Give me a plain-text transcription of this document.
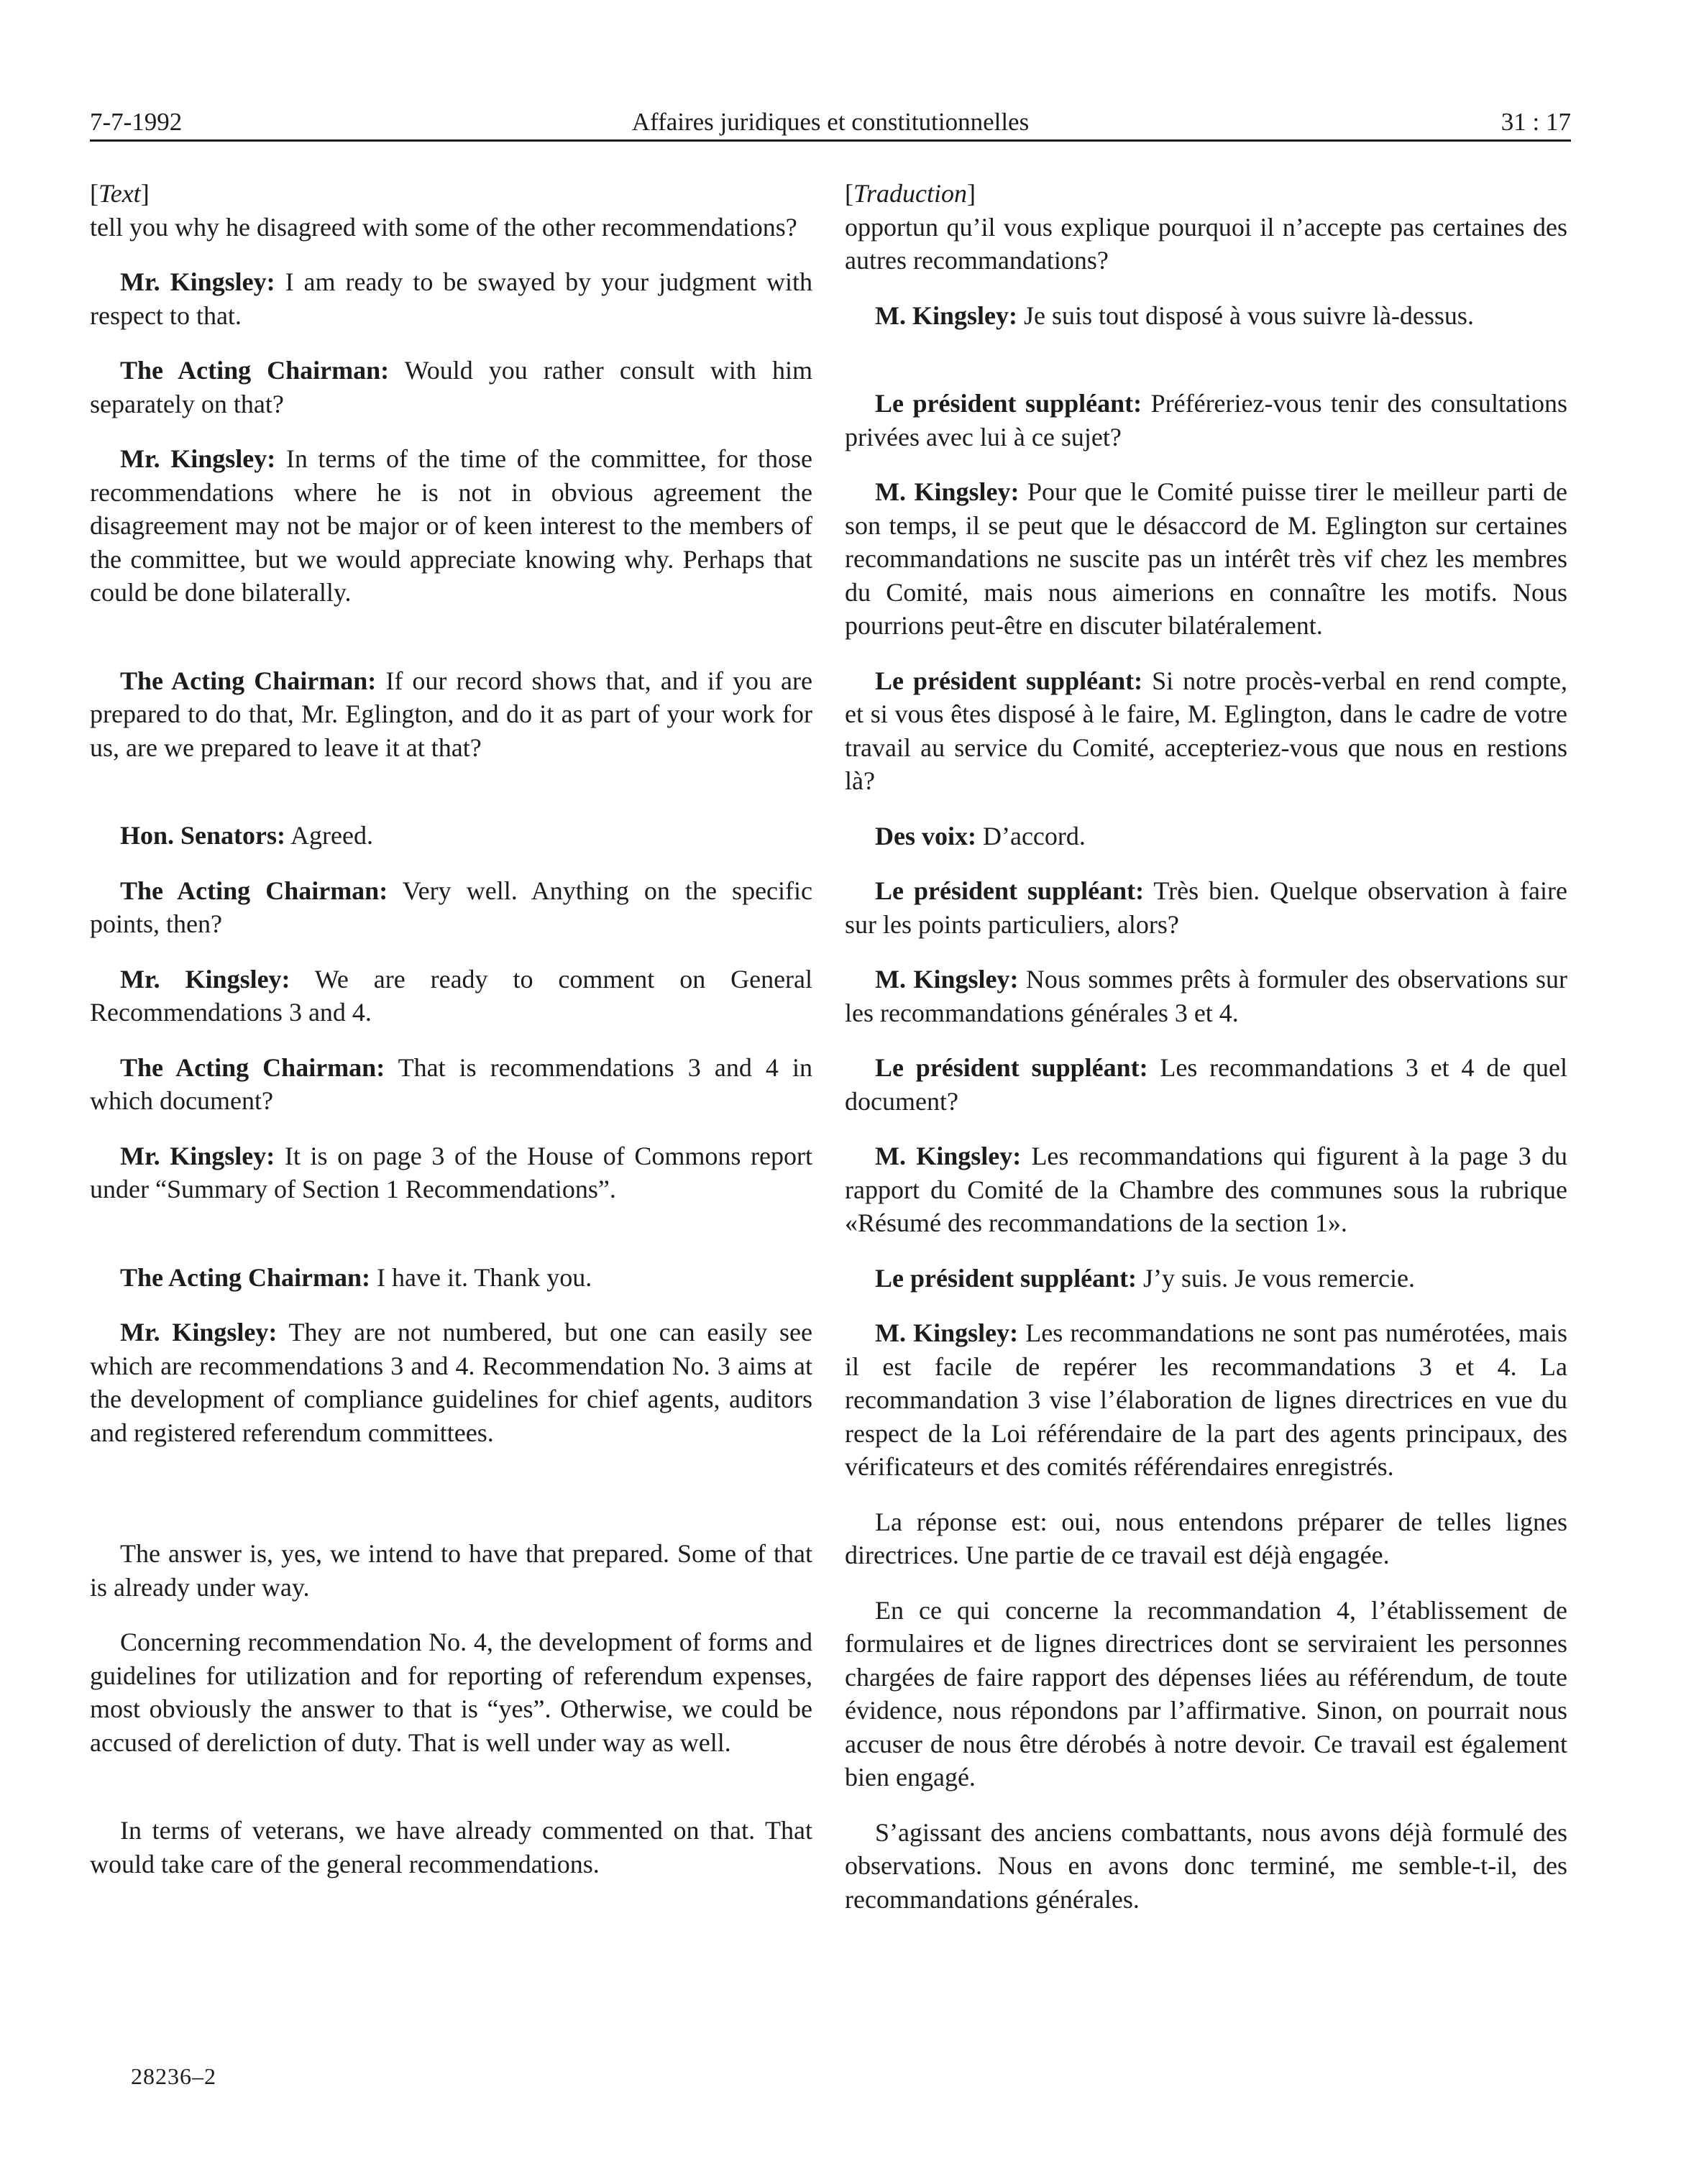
7-7-1992	Affaires juridiques et constitutionnelles	31 : 17
[Text]

tell you why he disagreed with some of the other recommendations?

Mr. Kingsley: I am ready to be swayed by your judgment with respect to that.

The Acting Chairman: Would you rather consult with him separately on that?

Mr. Kingsley: In terms of the time of the committee, for those recommendations where he is not in obvious agreement the disagreement may not be major or of keen interest to the members of the committee, but we would appreciate knowing why. Perhaps that could be done bilaterally.

The Acting Chairman: If our record shows that, and if you are prepared to do that, Mr. Eglington, and do it as part of your work for us, are we prepared to leave it at that?

Hon. Senators: Agreed.

The Acting Chairman: Very well. Anything on the specific points, then?

Mr. Kingsley: We are ready to comment on General Recommendations 3 and 4.

The Acting Chairman: That is recommendations 3 and 4 in which document?

Mr. Kingsley: It is on page 3 of the House of Commons report under “Summary of Section 1 Recommendations”.

The Acting Chairman: I have it. Thank you.

Mr. Kingsley: They are not numbered, but one can easily see which are recommendations 3 and 4. Recommendation No. 3 aims at the development of compliance guidelines for chief agents, auditors and registered referendum committees.

The answer is, yes, we intend to have that prepared. Some of that is already under way.

Concerning recommendation No. 4, the development of forms and guidelines for utilization and for reporting of referendum expenses, most obviously the answer to that is “yes”. Otherwise, we could be accused of dereliction of duty. That is well under way as well.

In terms of veterans, we have already commented on that. That would take care of the general recommendations.

[Traduction]

opportun qu’il vous explique pourquoi il n’accepte pas certaines des autres recommandations?

M. Kingsley: Je suis tout disposé à vous suivre là-dessus.

Le président suppléant: Préféreriez-vous tenir des consultations privées avec lui à ce sujet?

M. Kingsley: Pour que le Comité puisse tirer le meilleur parti de son temps, il se peut que le désaccord de M. Eglington sur certaines recommandations ne suscite pas un intérêt très vif chez les membres du Comité, mais nous aimerions en connaître les motifs. Nous pourrions peut-être en discuter bilatéralement.

Le président suppléant: Si notre procès-verbal en rend compte, et si vous êtes disposé à le faire, M. Eglington, dans le cadre de votre travail au service du Comité, accepteriez-vous que nous en restions là?

Des voix: D’accord.

Le président suppléant: Très bien. Quelque observation à faire sur les points particuliers, alors?

M. Kingsley: Nous sommes prêts à formuler des observations sur les recommandations générales 3 et 4.

Le président suppléant: Les recommandations 3 et 4 de quel document?

M. Kingsley: Les recommandations qui figurent à la page 3 du rapport du Comité de la Chambre des communes sous la rubrique «Résumé des recommandations de la section 1».

Le président suppléant: J’y suis. Je vous remercie.

M. Kingsley: Les recommandations ne sont pas numérotées, mais il est facile de repérer les recommandations 3 et 4. La recommandation 3 vise l’élaboration de lignes directrices en vue du respect de la Loi référendaire de la part des agents principaux, des vérificateurs et des comités référendaires enregistrés.

La réponse est: oui, nous entendons préparer de telles lignes directrices. Une partie de ce travail est déjà engagée.

En ce qui concerne la recommandation 4, l’établissement de formulaires et de lignes directrices dont se serviraient les personnes chargées de faire rapport des dépenses liées au référendum, de toute évidence, nous répondons par l’affirmative. Sinon, on pourrait nous accuser de nous être dérobés à notre devoir. Ce travail est également bien engagé.

S’agissant des anciens combattants, nous avons déjà formulé des observations. Nous en avons donc terminé, me semble-t-il, des recommandations générales.

28236–2
